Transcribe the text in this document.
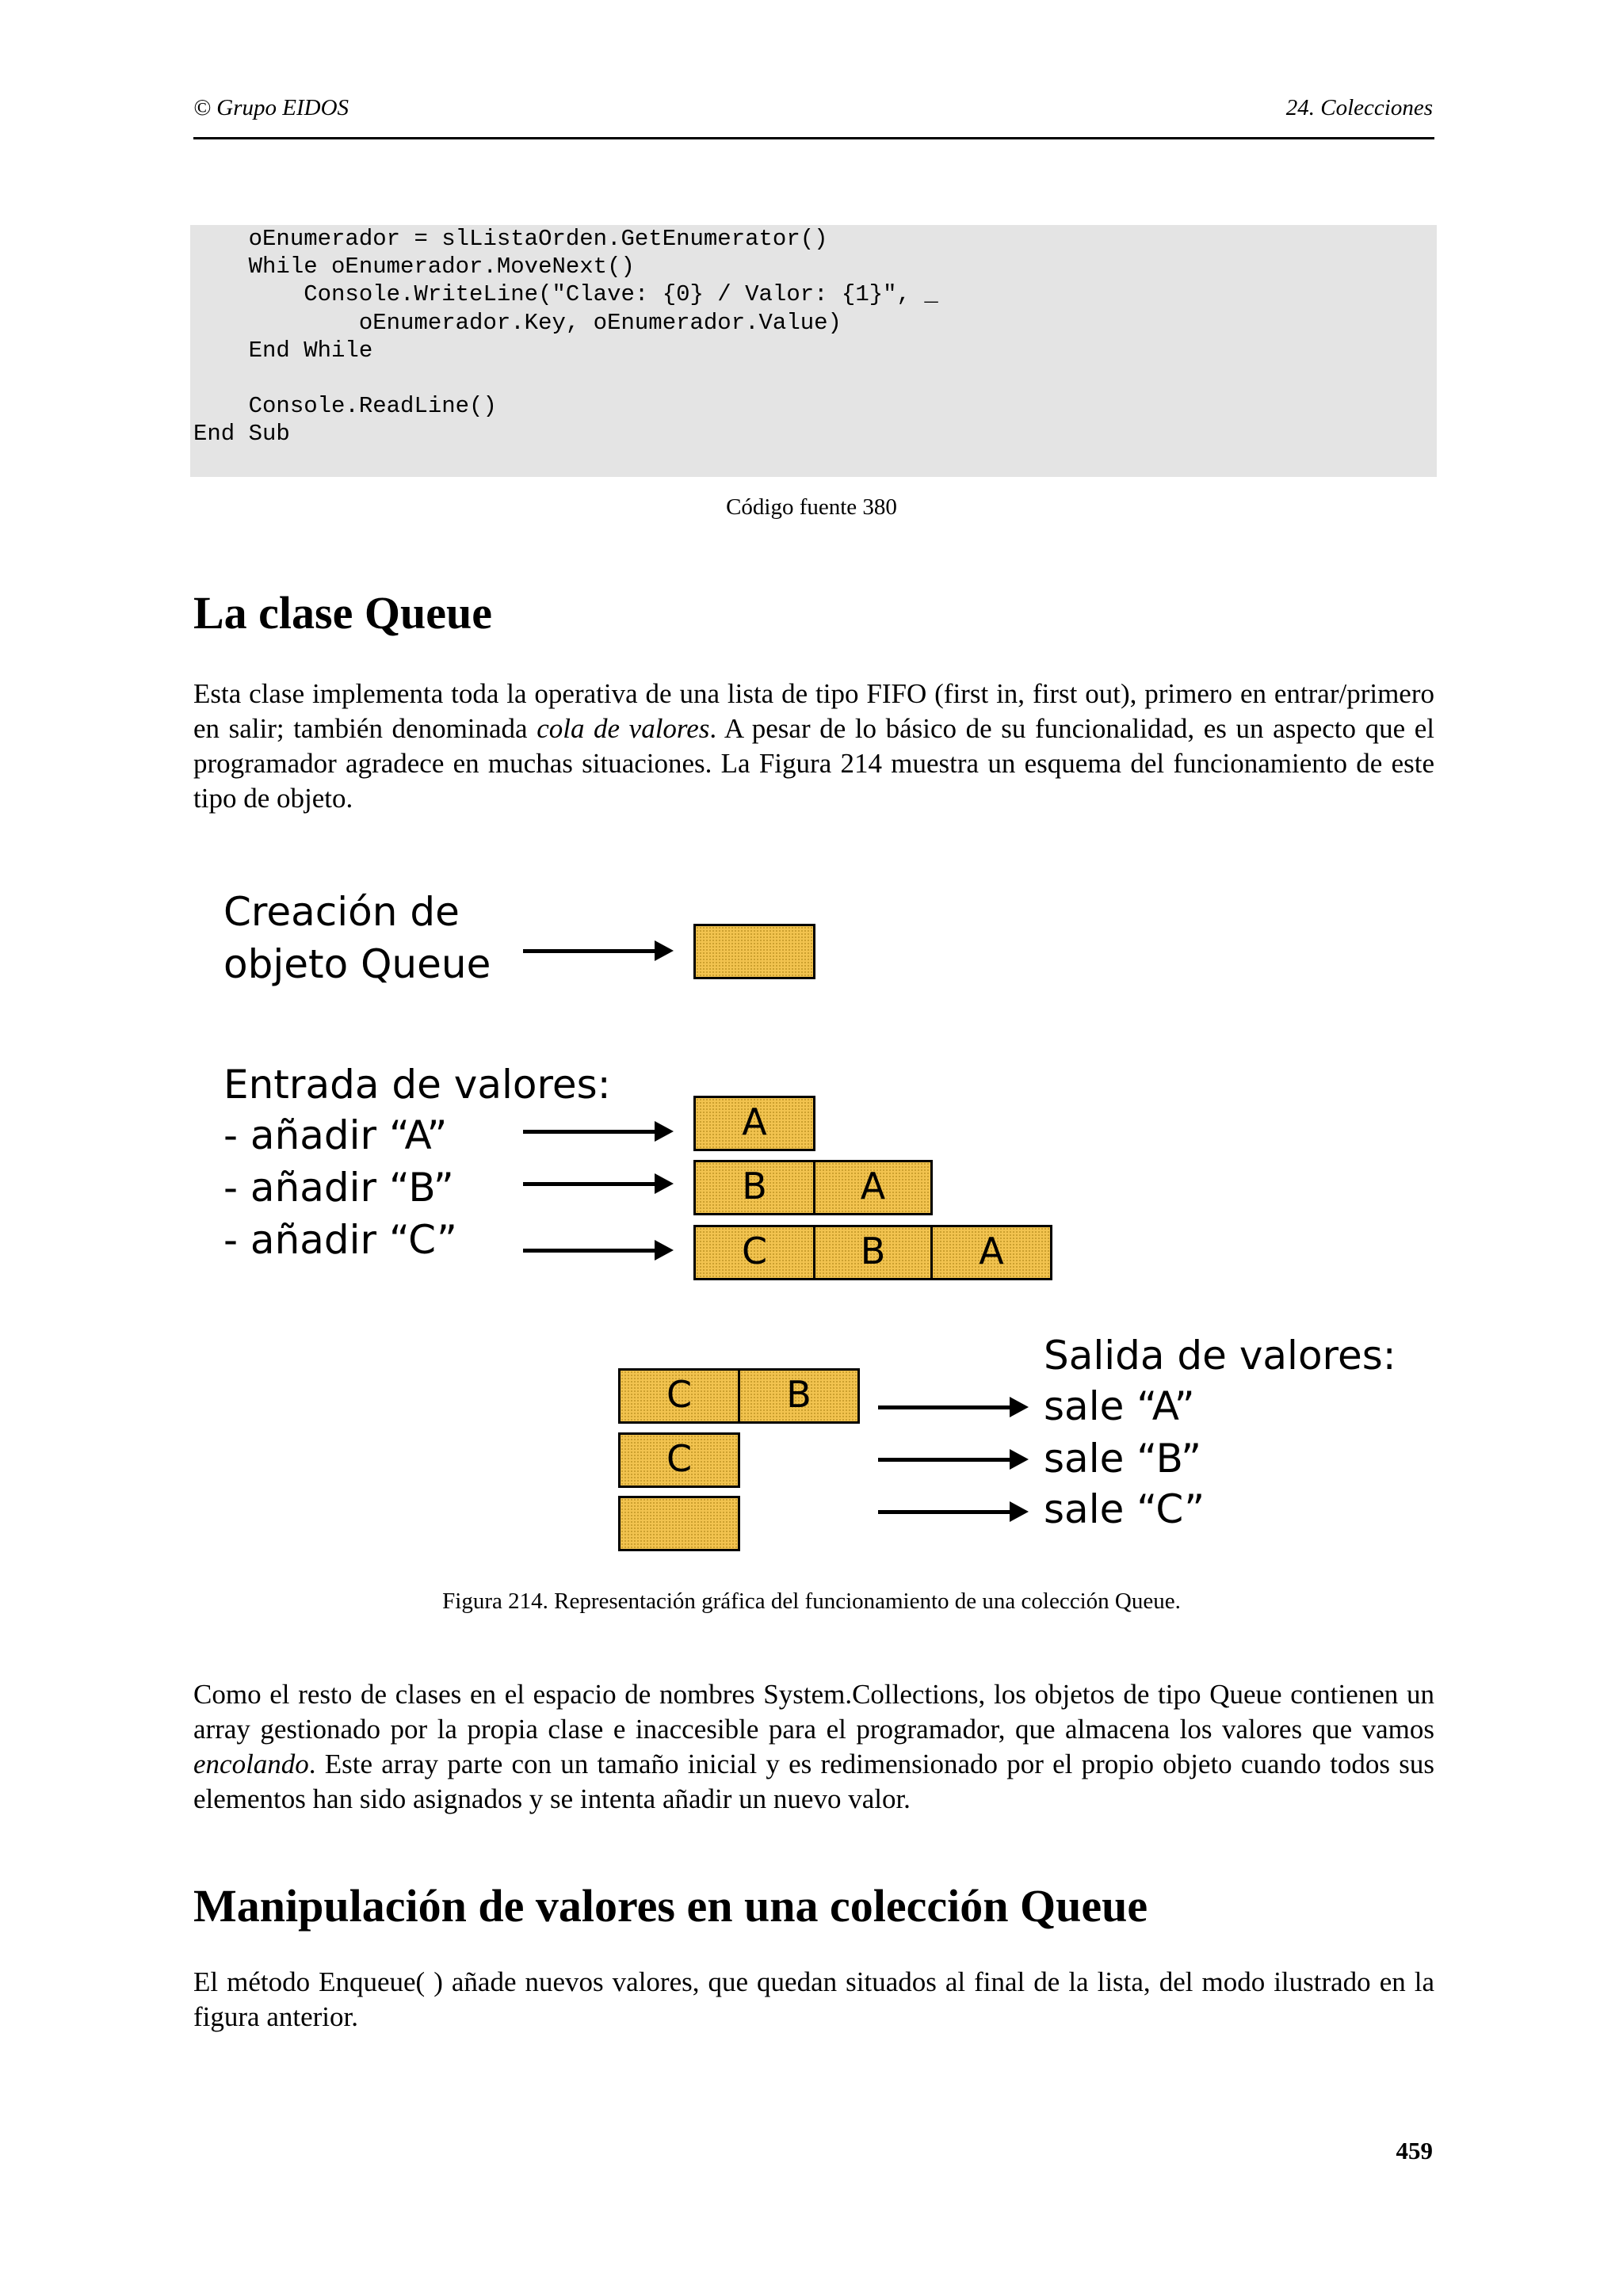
© Grupo EIDOS	24. Colecciones
oEnumerador = slListaOrden.GetEnumerator()
While oEnumerador.MoveNext()
Console.WriteLine("Clave: {0} / Valor: {1}", _
oEnumerador.Key, oEnumerador.Value)
End While

Console.ReadLine()
End Sub
Código fuente 380
La clase Queue

Esta clase implementa toda la operativa de una lista de tipo FIFO (first in, first out), primero en entrar/primero en salir; también denominada cola de valores. A pesar de lo básico de su funcionalidad, es un aspecto que el programador agradece en muchas situaciones. La Figura 214 muestra un esquema del funcionamiento de este tipo de objeto.

Creación de
objeto Queue
Entrada de valores:
- añadir “A”
- añadir “B”
- añadir “C”
A
B	A
C	B	A
Salida de valores:
sale “A”
sale “B”
sale “C”
C	B
C
Figura 214. Representación gráfica del funcionamiento de una colección Queue.

Como el resto de clases en el espacio de nombres System.Collections, los objetos de tipo Queue contienen un array gestionado por la propia clase e inaccesible para el programador, que almacena los valores que vamos encolando. Este array parte con un tamaño inicial y es redimensionado por el propio objeto cuando todos sus elementos han sido asignados y se intenta añadir un nuevo valor.

Manipulación de valores en una colección Queue

El método Enqueue( ) añade nuevos valores, que quedan situados al final de la lista, del modo ilustrado en la figura anterior.

459
